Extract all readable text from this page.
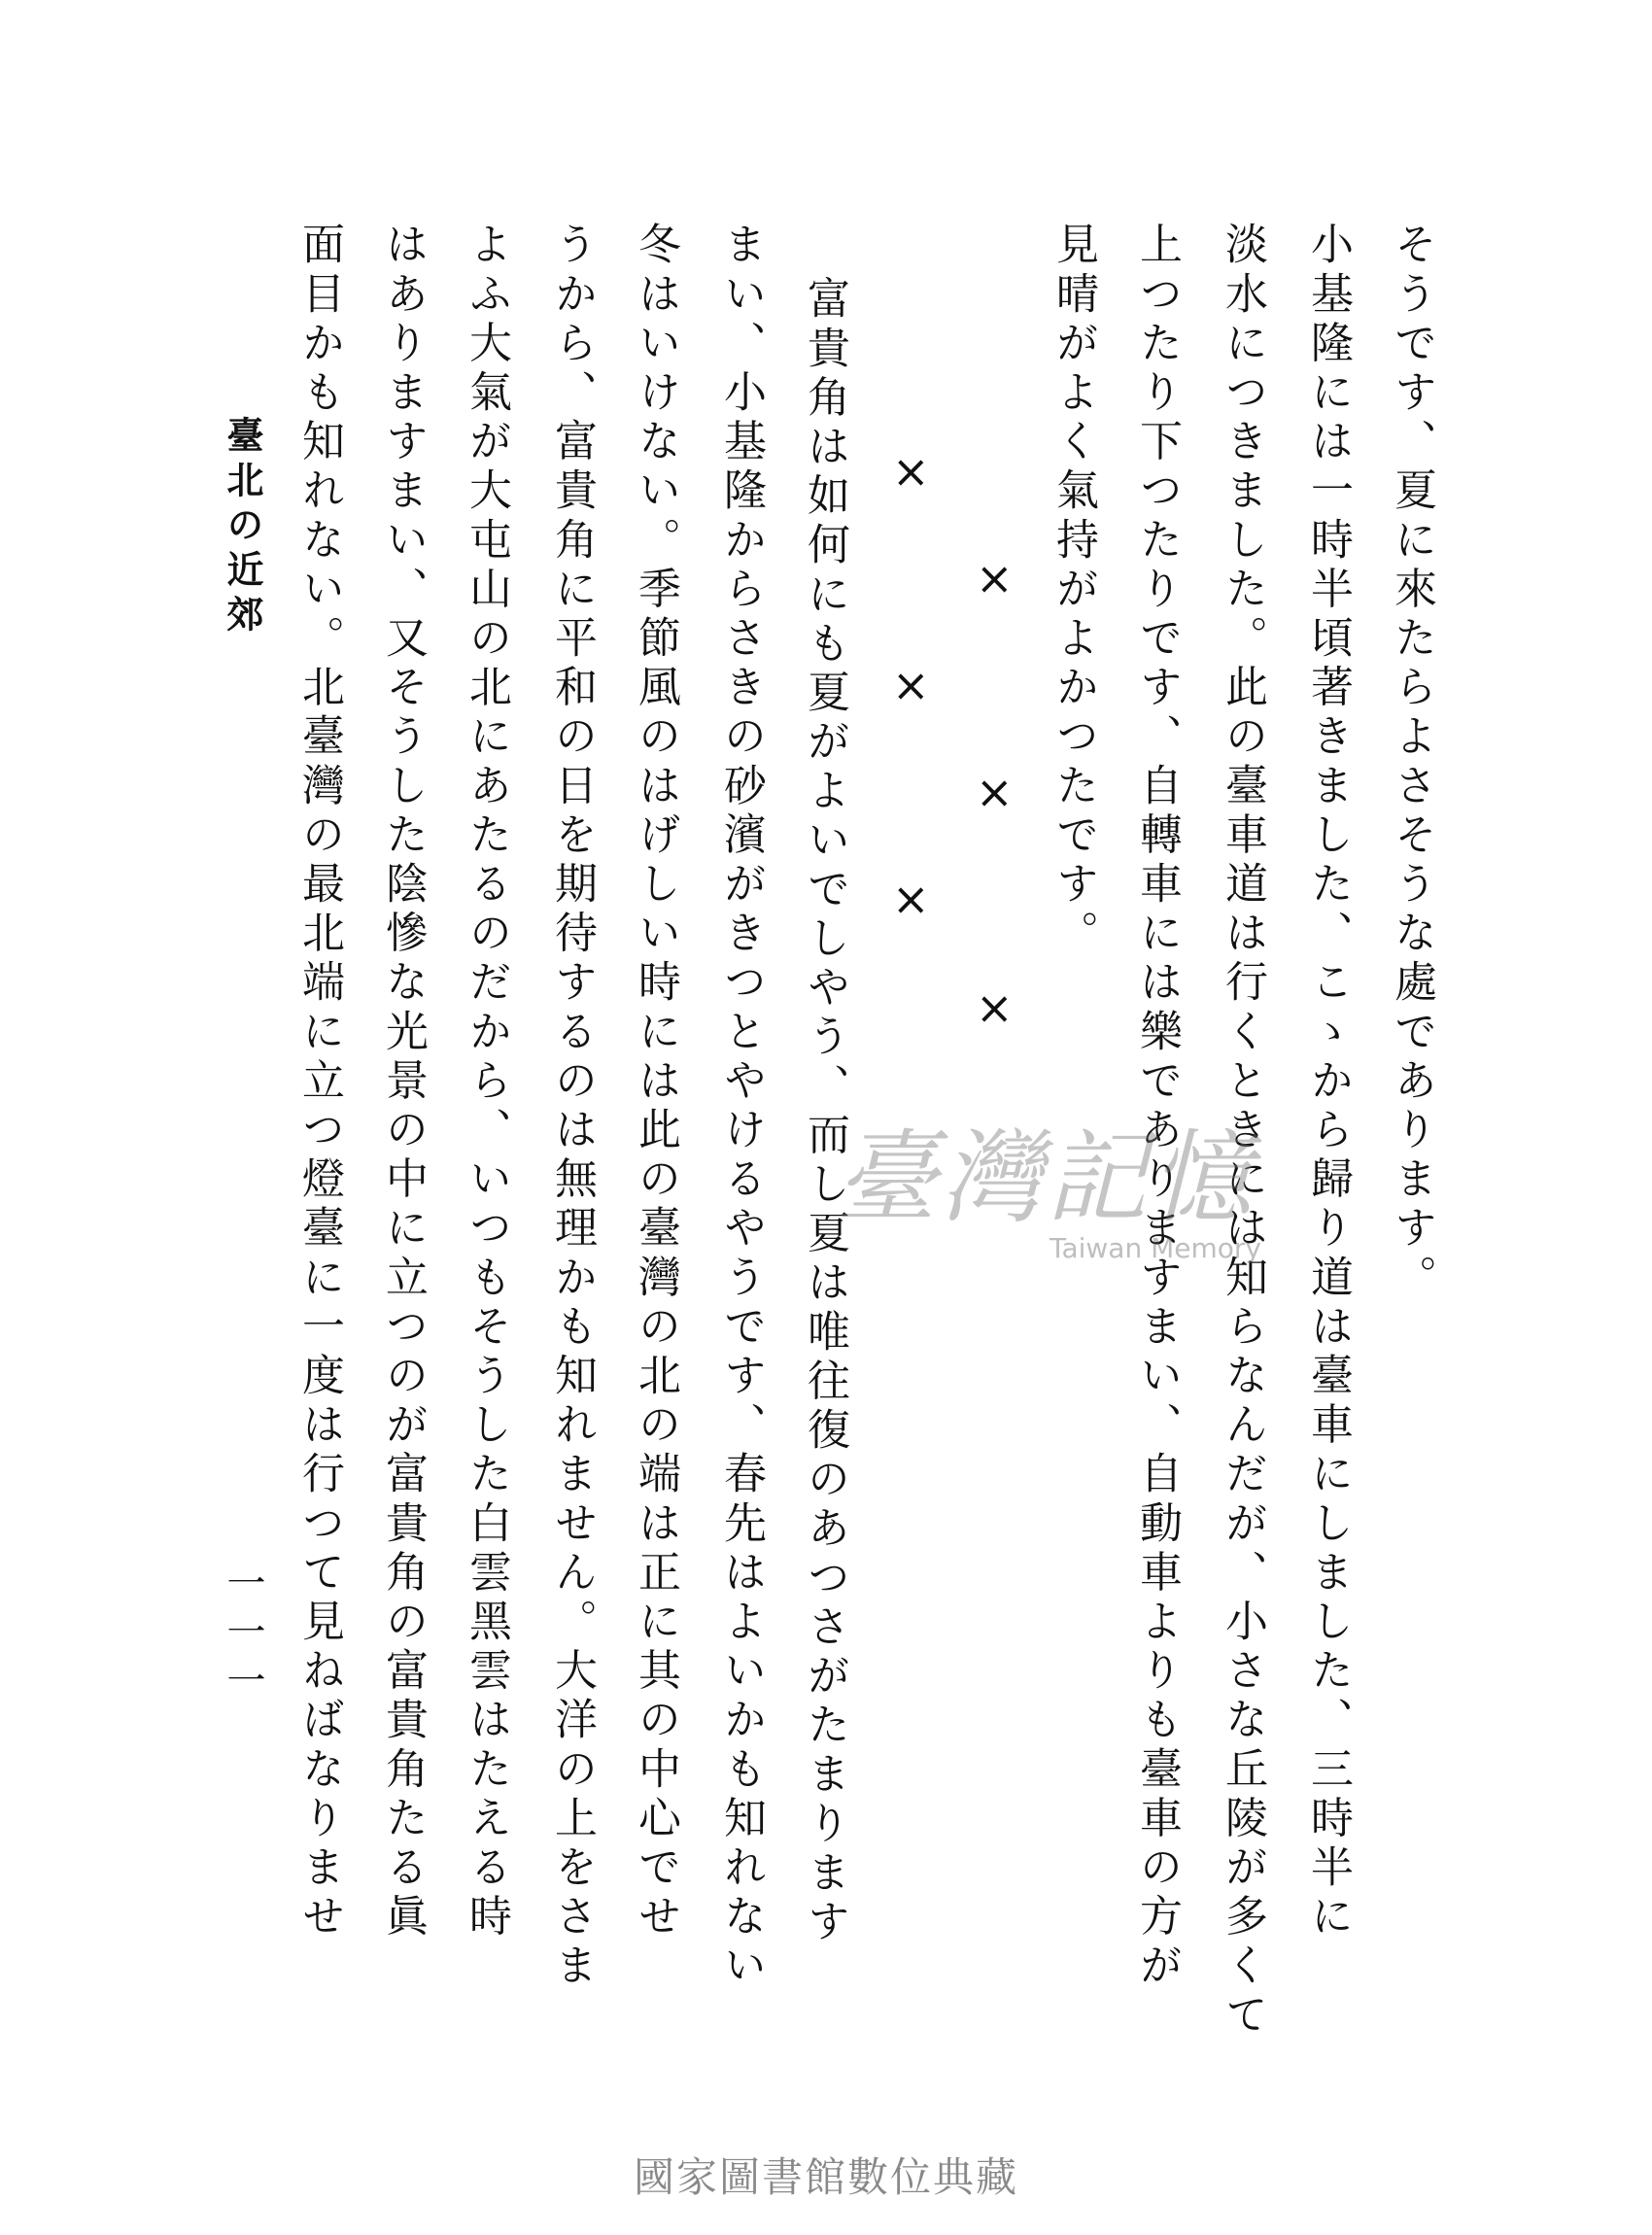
そうです、夏に來たらよさそうな處であります。
小基隆には一時半頃著きました、こゝから歸り道は臺車にしました、三時半に
淡水につきました。此の臺車道は行くときには知らなんだが、小さな丘陵が多くて
上つたり下つたりです、自轉車には樂でありますまい、自動車よりも臺車の方が
見晴がよく氣持がよかつたです。
×
×
×
×
×
×
富貴角は如何にも夏がよいでしやう、而し夏は唯往復のあつさがたまります
まい、小基隆からさきの砂濱がきつとやけるやうです、春先はよいかも知れない
冬はいけない。季節風のはげしい時には此の臺灣の北の端は正に其の中心でせ
うから、富貴角に平和の日を期待するのは無理かも知れません。大洋の上をさま
よふ大氣が大屯山の北にあたるのだから、いつもそうした白雲黑雲はたえる時
はありますまい、又そうした陰慘な光景の中に立つのが富貴角の富貴角たる眞
面目かも知れない。北臺灣の最北端に立つ燈臺に一度は行つて見ねばなりませ
臺北の近郊
一一一
臺灣記憶
Taiwan Memory
國家圖書館數位典藏
